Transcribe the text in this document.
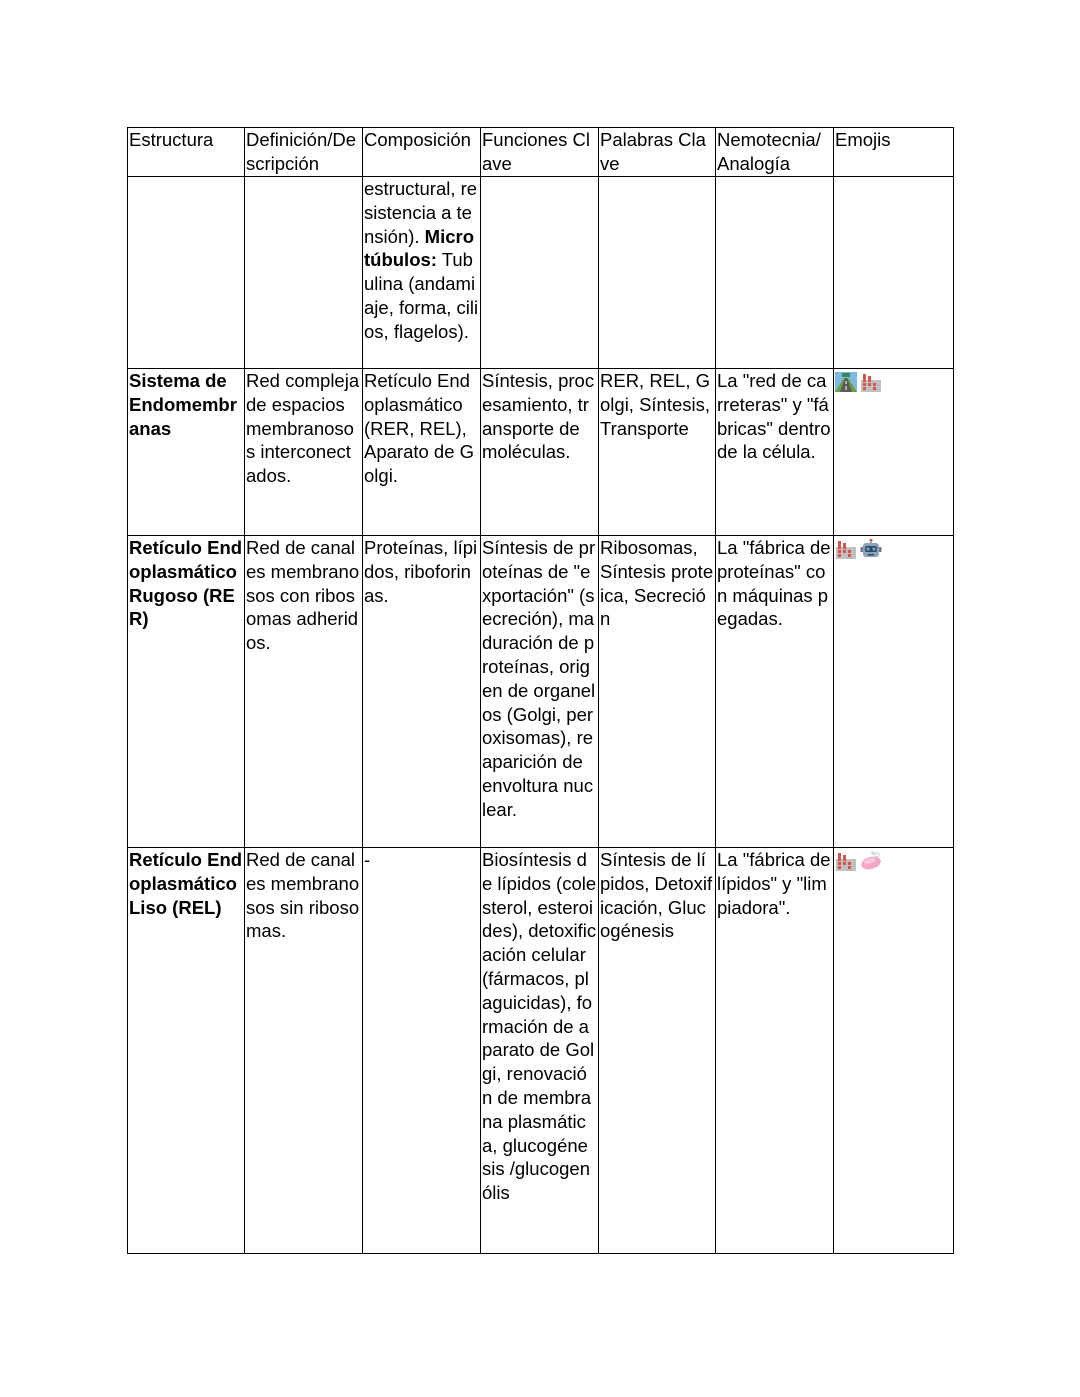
Estructura	Definición/Descripción	Composición	Funciones Clave	Palabras Clave	Nemotecnia/ Analogía	Emojis
		estructural, resistencia a tensión). Microtúbulos: Tubulina (andamiaje, forma, cilios, flagelos).				
Sistema de Endomembranas	Red compleja de espacios membranosos interconectados.	Retículo Endoplasmático (RER, REL), Aparato de Golgi.	Síntesis, procesamiento, transporte de moléculas.	RER, REL, Golgi, Síntesis, Transporte	La "red de carreteras" y "fábricas" dentro de la célula.	

Retículo Endoplasmático Rugoso (RER)	Red de canales membranosos con ribosomas adheridos.	Proteínas, lípidos, riboforinas.	Síntesis de proteínas de "exportación" (secreción), maduración de proteínas, origen de organelos (Golgi, peroxisomas), reaparición de envoltura nuclear.	Ribosomas, Síntesis proteica, Secreción	La "fábrica de proteínas" con máquinas pegadas.	

Retículo Endoplasmático Liso (REL)	Red de canales membranosos sin ribosomas.	-	Biosíntesis de lípidos (colesterol, esteroides), detoxificación celular (fármacos, plaguicidas), formación de aparato de Golgi, renovación de membrana plasmática, glucogénesis /glucogenólis	Síntesis de lípidos, Detoxificación, Glucogénesis	La "fábrica de lípidos" y "limpiadora".	
